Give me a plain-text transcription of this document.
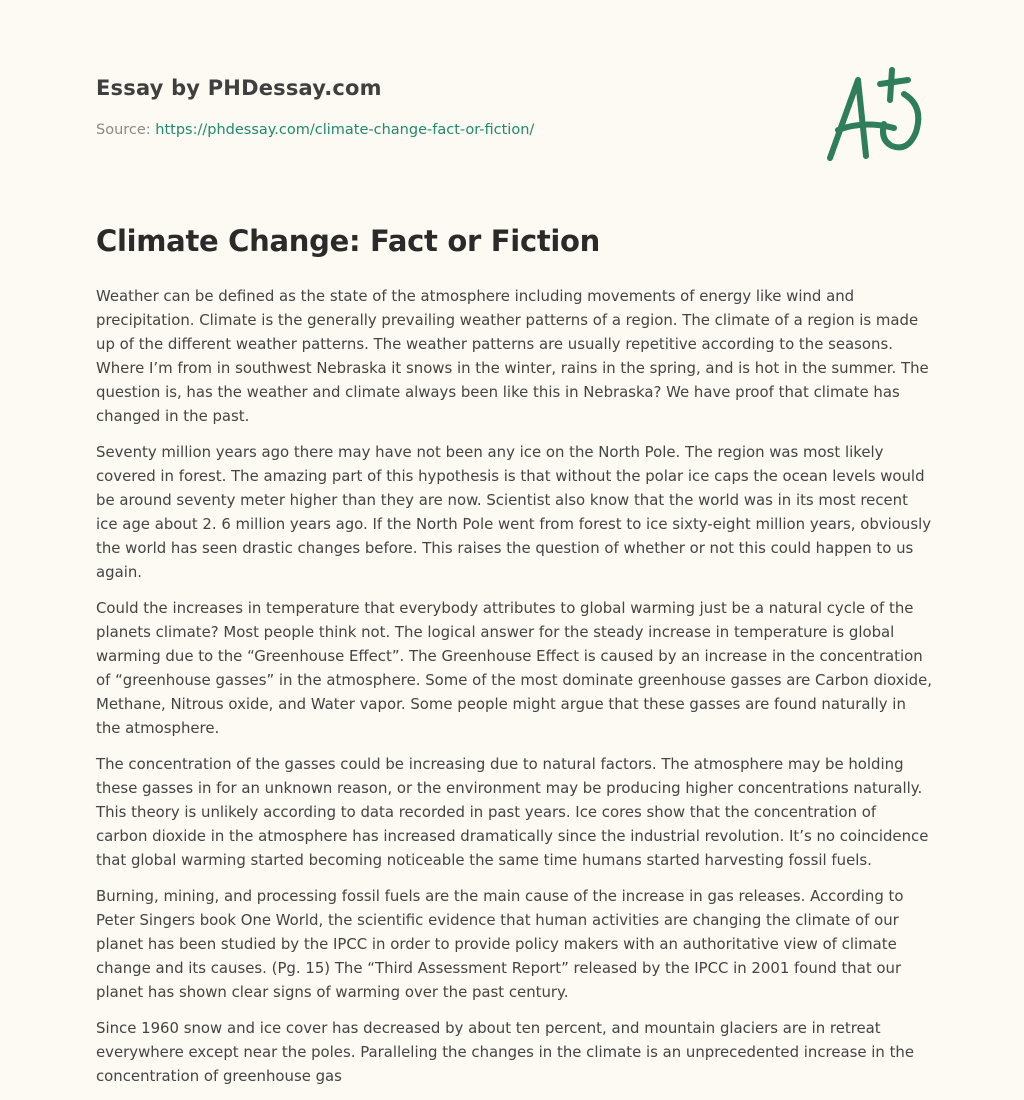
Essay by PHDessay.com
Source: https://phdessay.com/climate-change-fact-or-fiction/
Climate Change: Fact or Fiction

Weather can be defined as the state of the atmosphere including movements of energy like wind and precipitation. Climate is the generally prevailing weather patterns of a region. The climate of a region is made up of the different weather patterns. The weather patterns are usually repetitive according to the seasons. Where I’m from in southwest Nebraska it snows in the winter, rains in the spring, and is hot in the summer. The question is, has the weather and climate always been like this in Nebraska? We have proof that climate has changed in the past.

Seventy million years ago there may have not been any ice on the North Pole. The region was most likely covered in forest. The amazing part of this hypothesis is that without the polar ice caps the ocean levels would be around seventy meter higher than they are now. Scientist also know that the world was in its most recent ice age about 2. 6 million years ago. If the North Pole went from forest to ice sixty-eight million years, obviously the world has seen drastic changes before. This raises the question of whether or not this could happen to us again.

Could the increases in temperature that everybody attributes to global warming just be a natural cycle of the planets climate? Most people think not. The logical answer for the steady increase in temperature is global warming due to the “Greenhouse Effect”. The Greenhouse Effect is caused by an increase in the concentration of “greenhouse gasses” in the atmosphere. Some of the most dominate greenhouse gasses are Carbon dioxide, Methane, Nitrous oxide, and Water vapor. Some people might argue that these gasses are found naturally in the atmosphere.

The concentration of the gasses could be increasing due to natural factors. The atmosphere may be holding these gasses in for an unknown reason, or the environment may be producing higher concentrations naturally. This theory is unlikely according to data recorded in past years. Ice cores show that the concentration of carbon dioxide in the atmosphere has increased dramatically since the industrial revolution. It’s no coincidence that global warming started becoming noticeable the same time humans started harvesting fossil fuels.

Burning, mining, and processing fossil fuels are the main cause of the increase in gas releases. According to Peter Singers book One World, the scientific evidence that human activities are changing the climate of our planet has been studied by the IPCC in order to provide policy makers with an authoritative view of climate change and its causes. (Pg. 15) The “Third Assessment Report” released by the IPCC in 2001 found that our planet has shown clear signs of warming over the past century.

Since 1960 snow and ice cover has decreased by about ten percent, and mountain glaciers are in retreat everywhere except near the poles. Paralleling the changes in the climate is an unprecedented increase in the concentration of greenhouse gas
